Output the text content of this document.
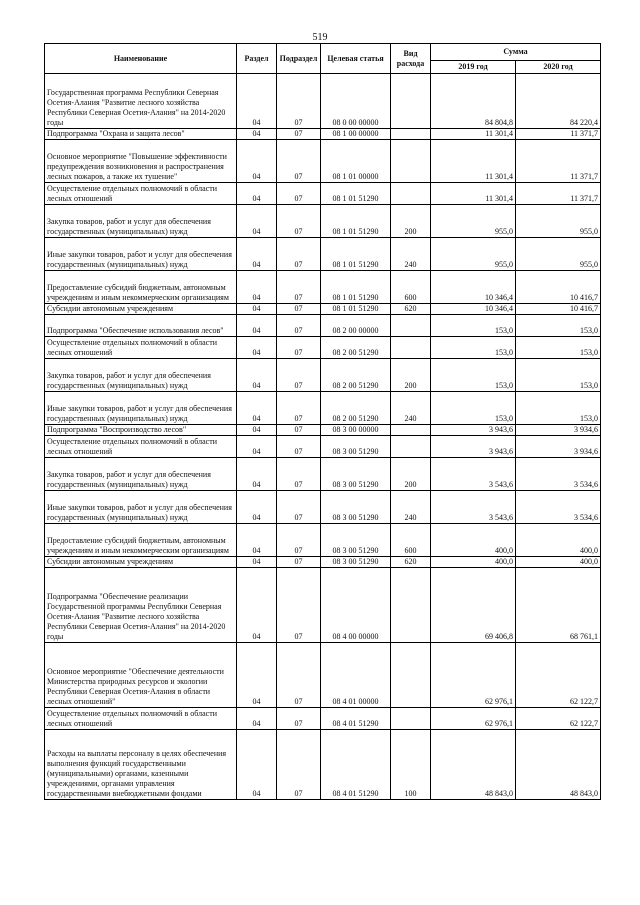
519
Наименование	Раздел	Подраздел	Целевая статья	Вид расхода	Сумма	
					2019 год	2020 год
Государственная программа Республики Северная Осетия-Алания "Развитие лесного хозяйства Республики Северная Осетия-Алания" на 2014-2020 годы	04	07	08 0 00 00000		84 804,8	84 220,4
Подпрограмма "Охрана и защита лесов"	04	07	08 1 00 00000		11 301,4	11 371,7
Основное мероприятие "Повышение эффективности предупреждения возникновения и распространения лесных пожаров, а также их тушение"	04	07	08 1 01 00000		11 301,4	11 371,7
Осуществление отдельных полномочий в области лесных отношений	04	07	08 1 01 51290		11 301,4	11 371,7
Закупка товаров, работ и услуг для обеспечения государственных (муниципальных) нужд	04	07	08 1 01 51290	200	955,0	955,0
Иные закупки товаров, работ и услуг для обеспечения государственных (муниципальных) нужд	04	07	08 1 01 51290	240	955,0	955,0
Предоставление субсидий бюджетным, автономным учреждениям и иным некоммерческим организациям	04	07	08 1 01 51290	600	10 346,4	10 416,7
Субсидии автономным учреждениям	04	07	08 1 01 51290	620	10 346,4	10 416,7
Подпрограмма "Обеспечение использования лесов"	04	07	08 2 00 00000		153,0	153,0
Осуществление отдельных полномочий в области лесных отношений	04	07	08 2 00 51290		153,0	153,0
Закупка товаров, работ и услуг для обеспечения государственных (муниципальных) нужд	04	07	08 2 00 51290	200	153,0	153,0
Иные закупки товаров, работ и услуг для обеспечения государственных (муниципальных) нужд	04	07	08 2 00 51290	240	153,0	153,0
Подпрограмма "Воспроизводство лесов"	04	07	08 3 00 00000		3 943,6	3 934,6
Осуществление отдельных полномочий в области лесных отношений	04	07	08 3 00 51290		3 943,6	3 934,6
Закупка товаров, работ и услуг для обеспечения государственных (муниципальных) нужд	04	07	08 3 00 51290	200	3 543,6	3 534,6
Иные закупки товаров, работ и услуг для обеспечения государственных (муниципальных) нужд	04	07	08 3 00 51290	240	3 543,6	3 534,6
Предоставление субсидий бюджетным, автономным учреждениям и иным некоммерческим организациям	04	07	08 3 00 51290	600	400,0	400,0
Субсидии автономным учреждениям	04	07	08 3 00 51290	620	400,0	400,0
Подпрограмма "Обеспечение реализации Государственной программы Республики Северная Осетия-Алания "Развитие лесного хозяйства Республики Северная Осетия-Алания" на 2014-2020 годы	04	07	08 4 00 00000		69 406,8	68 761,1
Основное мероприятие "Обеспечение деятельности Министерства природных ресурсов и экологии Республики Северная Осетия-Алания в области лесных отношений"	04	07	08 4 01 00000		62 976,1	62 122,7
Осуществление отдельных полномочий в области лесных отношений	04	07	08 4 01 51290		62 976,1	62 122,7
Расходы на выплаты персоналу в целях обеспечения выполнения функций государственными (муниципальными) органами, казенными учреждениями, органами управления государственными внебюджетными фондами	04	07	08 4 01 51290	100	48 843,0	48 843,0
